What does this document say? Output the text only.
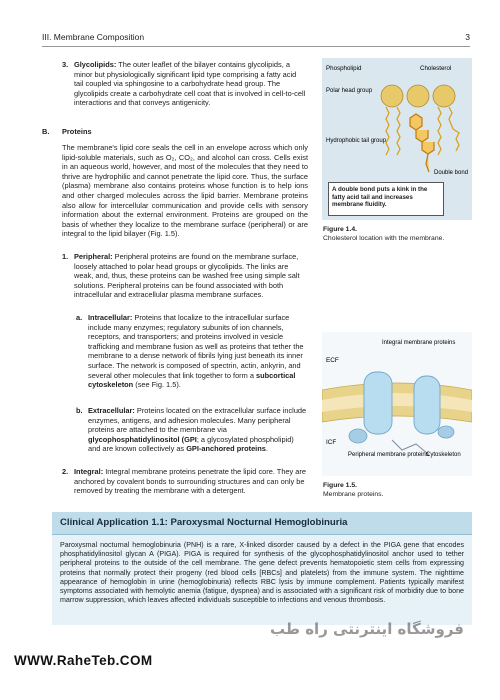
III. Membrane Composition	3
3. Glycolipids: The outer leaflet of the bilayer contains glycolipids, a minor but physiologically significant lipid type comprising a fatty acid tail coupled via sphingosine to a carbohydrate head group. The glycolipids create a carbohydrate cell coat that is involved in cell-to-cell interactions and that conveys antigenicity.

B. Proteins
The membrane's lipid core seals the cell in an envelope across which only lipid-soluble materials, such as O₂, CO₂, and alcohol can cross. Cells exist in an aqueous world, however, and most of the molecules that they need to thrive are hydrophilic and cannot penetrate the lipid core. Thus, the surface (plasma) membrane also contains proteins whose function is to help ions and other charged molecules across the lipid barrier. Membrane proteins also allow for intercellular communication and provide cells with sensory information about the external environment. Proteins are grouped on the basis of whether they localize to the membrane surface (peripheral) or are integral to the lipid bilayer (Fig. 1.5).
1. Peripheral: Peripheral proteins are found on the membrane surface, loosely attached to polar head groups or glycolipids. The links are weak, and, thus, these proteins can be washed free using simple salt solutions. Peripheral proteins can be found associated with both intracellular and extracellular plasma membrane surfaces.

a. Intracellular: Proteins that localize to the intracellular surface include many enzymes; regulatory subunits of ion channels, receptors, and transporters; and proteins involved in vesicle trafficking and membrane fusion as well as proteins that tether the membrane to a dense network of fibrils lying just beneath its inner surface. The network is composed of spectrin, actin, ankyrin, and several other molecules that link together to form a subcortical cytoskeleton (see Fig. 1.5).

b. Extracellular: Proteins located on the extracellular surface include enzymes, antigens, and adhesion molecules. Many peripheral proteins are attached to the membrane via glycophosphatidylinositol (GPI; a glycosylated phospholipid) and are known collectively as GPI-anchored proteins.

2. Integral: Integral membrane proteins penetrate the lipid core. They are anchored by covalent bonds to surrounding structures and can only be removed by treating the membrane with a detergent.

Phospholipid	Cholesterol
Polar head group
Hydrophobic tail group
Double bond
A double bond puts a kink in the fatty acid tail and increases membrane fluidity.
Figure 1.4.
Cholesterol location with the membrane.
Integral membrane proteins
ECF
ICF
Peripheral membrane proteins
Cytoskeleton
Figure 1.5.
Membrane proteins.
Clinical Application 1.1: Paroxysmal Nocturnal Hemoglobinuria
Paroxysmal nocturnal hemoglobinuria (PNH) is a rare, X-linked disorder caused by a defect in the PIGA gene that encodes phosphatidylinositol glycan A (PIGA). PIGA is required for synthesis of the glycophosphatidylinositol anchor used to tether peripheral proteins to the outside of the cell membrane. The gene defect prevents hematopoietic stem cells from expressing proteins that normally protect their progeny (red blood cells [RBCs] and platelets) from the immune system. The nighttime appearance of hemoglobin in urine (hemoglobinuria) reflects RBC lysis by immune complement. Patients typically manifest symptoms associated with hemolytic anemia (fatigue, dyspnea) and is associated with a significant risk of morbidity due to bone marrow suppression, which leaves affected individuals susceptible to infections and venous thrombosis.
فروشگاه اینترنتی راه طب
WWW.RaheTeb.COM
